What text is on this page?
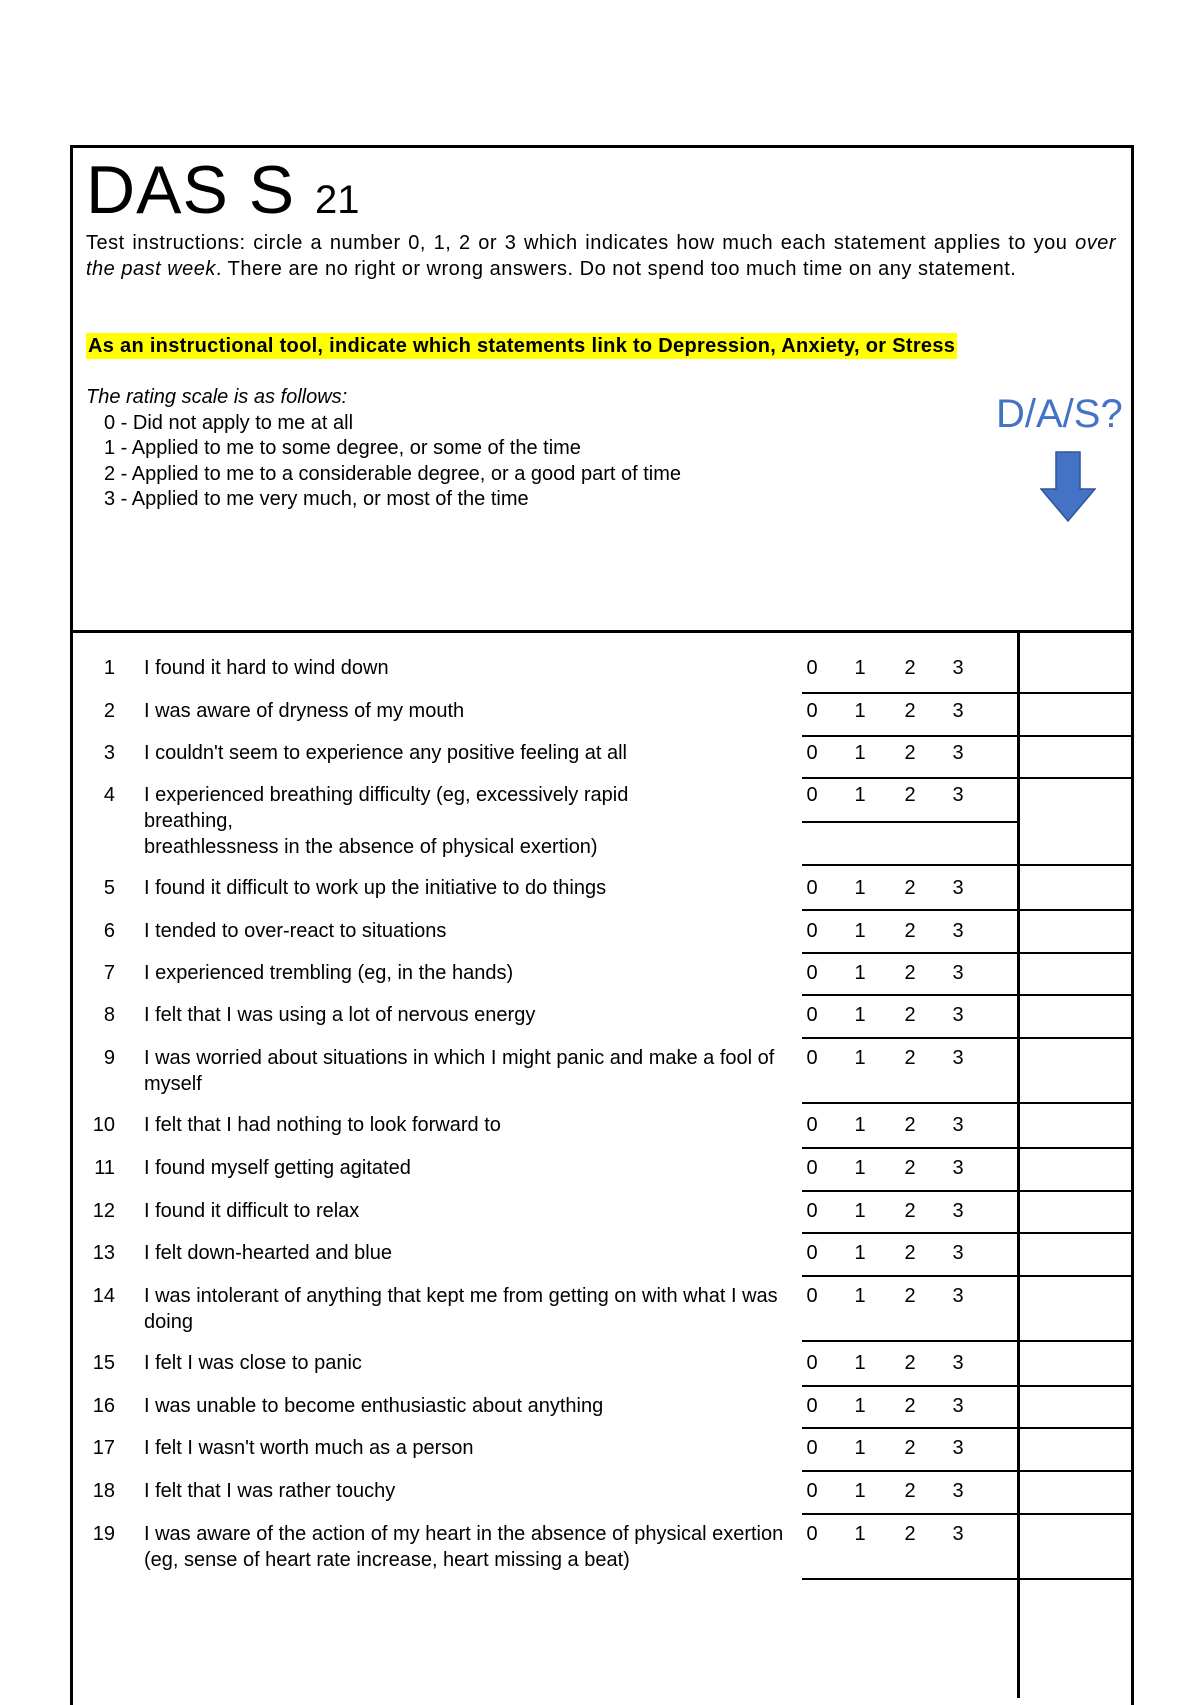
DAS S 21

Test instructions: circle a number 0, 1, 2 or 3 which indicates how much each statement applies to you over the past week. There are no right or wrong answers. Do not spend too much time on any statement.

As an instructional tool, indicate which statements link to Depression, Anxiety, or Stress
The rating scale is as follows:
0 - Did not apply to me at all
1 - Applied to me to some degree, or some of the time
2 - Applied to me to a considerable degree, or a good part of time
3 - Applied to me very much, or most of the time
D/A/S?
1 I found it hard to wind down	0 1 2 3
2 I was aware of dryness of my mouth	0 1 2 3
3 I couldn't seem to experience any positive feeling at all	0 1 2 3
4 I experienced breathing difficulty (eg, excessively rapid breathing,
breathlessness in the absence of physical exertion)
0 1 2 3
5 I found it difficult to work up the initiative to do things	0 1 2 3
6 I tended to over-react to situations	0 1 2 3
7 I experienced trembling (eg, in the hands)	0 1 2 3
8 I felt that I was using a lot of nervous energy	0 1 2 3
9 I was worried about situations in which I might panic and make a fool of myself
0 1 2 3
10 I felt that I had nothing to look forward to	0 1 2 3
11 I found myself getting agitated	0 1 2 3
12 I found it difficult to relax	0 1 2 3
13 I felt down-hearted and blue	0 1 2 3
14 I was intolerant of anything that kept me from getting on with what I was doing
0 1 2 3
15 I felt I was close to panic	0 1 2 3
16 I was unable to become enthusiastic about anything	0 1 2 3
17 I felt I wasn't worth much as a person	0 1 2 3
18 I felt that I was rather touchy	0 1 2 3
19 I was aware of the action of my heart in the absence of physical exertion (eg, sense of heart rate increase, heart missing a beat)
0 1 2 3
